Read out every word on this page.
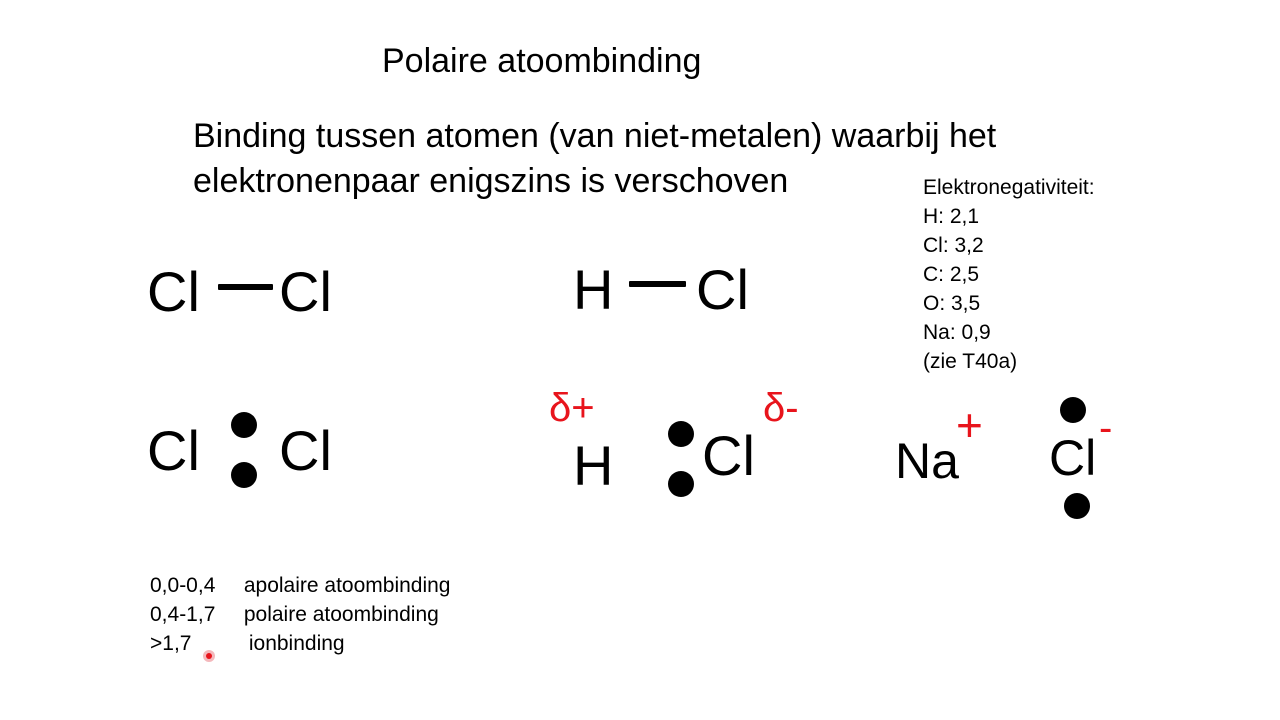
Polaire atoombinding
Binding tussen atomen (van niet-metalen) waarbij het
elektronenpaar enigszins is verschoven	Elektronegativiteit:
H: 2,1
Cl: 3,2
C: 2,5
O: 3,5
Na: 0,9
(zie T40a)
Cl Cl	H Cl
Cl Cl
δ+
H Cl
δ-
Na
+
Cl
-
0,0-0,4 apolaire atoombinding
0,4-1,7 polaire atoombinding
>1,7	ionbinding
